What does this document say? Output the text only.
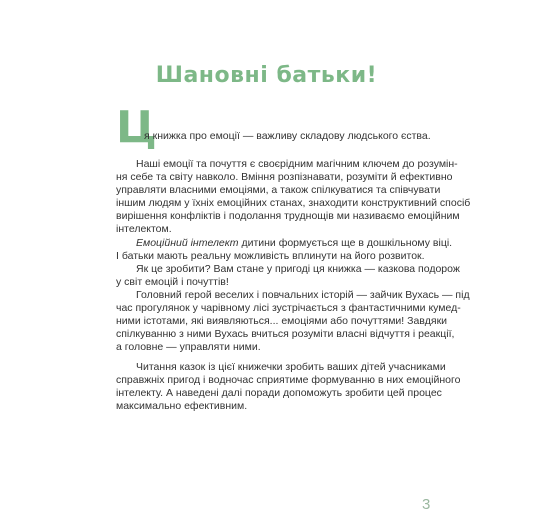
Шановні батьки!
Ц
я книжка про емоції — важливу складову людського єства.
Наші емоції та почуття є своєрідним магічним ключем до розумін-
ня себе та світу навколо. Вміння розпізнавати, розуміти й ефективно
управляти власними емоціями, а також спілкуватися та співчувати
іншим людям у їхніх емоційних станах, знаходити конструктивний спосіб
вирішення конфліктів і подолання труднощів ми називаємо емоційним
інтелектом.
Емоційний інтелект дитини формується ще в дошкільному віці.
І батьки мають реальну можливість вплинути на його розвиток.
Як це зробити? Вам стане у пригоді ця книжка — казкова подорож
у світ емоцій і почуттів!
Головний герой веселих і повчальних історій — зайчик Вухась — під
час прогулянок у чарівному лісі зустрічається з фантастичними кумед-
ними істотами, які виявляються... емоціями або почуттями! Завдяки
спілкуванню з ними Вухась вчиться розуміти власні відчуття і реакції,
а головне — управляти ними.
Читання казок із цієї книжечки зробить ваших дітей учасниками
справжніх пригод і водночас сприятиме формуванню в них емоційного
інтелекту. А наведені далі поради допоможуть зробити цей процес
максимально ефективним.
3
